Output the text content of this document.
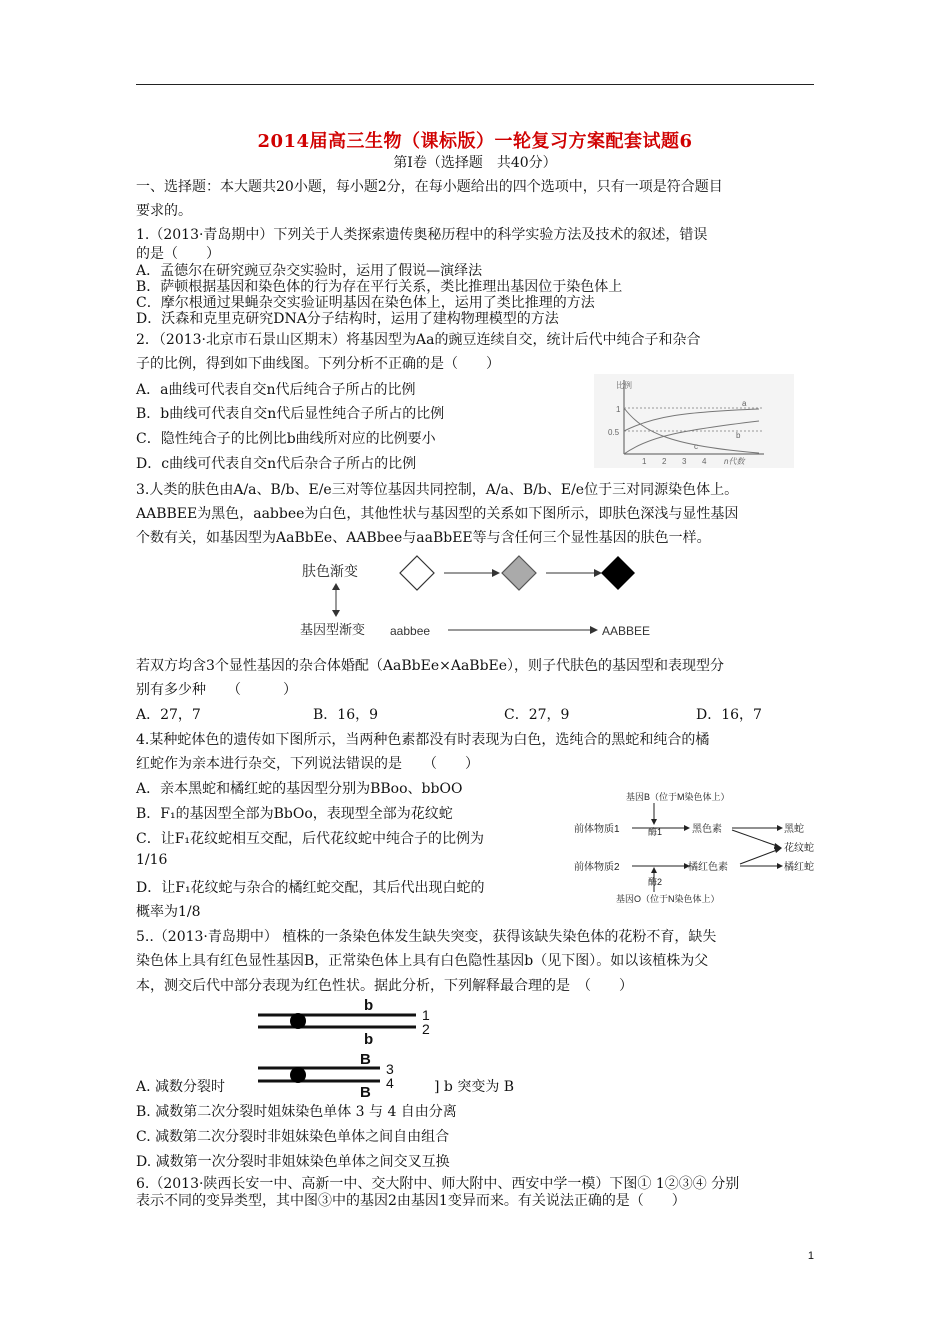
2014届高三生物（课标版）一轮复习方案配套试题6
第Ⅰ卷（选择题　共40分）
一、选择题：本大题共20小题，每小题2分，在每小题给出的四个选项中，只有一项是符合题目
要求的。
1.（2013·青岛期中）下列关于人类探索遗传奥秘历程中的科学实验方法及技术的叙述，错误
的是（　　）
A．孟德尔在研究豌豆杂交实验时，运用了假说—演绎法
B．萨顿根据基因和染色体的行为存在平行关系，类比推理出基因位于染色体上
C．摩尔根通过果蝇杂交实验证明基因在染色体上，运用了类比推理的方法
D．沃森和克里克研究DNA分子结构时，运用了建构物理模型的方法
2．（2013·北京市石景山区期末）将基因型为Aa的豌豆连续自交，统计后代中纯合子和杂合
子的比例，得到如下曲线图。下列分析不正确的是（　　）
A．a曲线可代表自交n代后纯合子所占的比例
B．b曲线可代表自交n代后显性纯合子所占的比例
C．隐性纯合子的比例比b曲线所对应的比例要小
D．c曲线可代表自交n代后杂合子所占的比例
比例
1
0.5
a
b
c
1 2 3 4 n代数
3.人类的肤色由A/a、B/b、E/e三对等位基因共同控制，A/a、B/b、E/e位于三对同源染色体上。
AABBEE为黑色，aabbee为白色，其他性状与基因型的关系如下图所示，即肤色深浅与显性基因
个数有关，如基因型为AaBbEe、AABbee与aaBbEE等与含任何三个显性基因的肤色一样。
肤色渐变
基因型渐变 aabbee	AABBEE
若双方均含3个显性基因的杂合体婚配（AaBbEe×AaBbEe），则子代肤色的基因型和表现型分
别有多少种　　（　　　）
A．27，7	B．16，9	C．27，9	D．16，7
4.某种蛇体色的遗传如下图所示，当两种色素都没有时表现为白色，选纯合的黑蛇和纯合的橘
红蛇作为亲本进行杂交，下列说法错误的是　　（　　）
A．亲本黑蛇和橘红蛇的基因型分别为BBoo、bbOO
B．F₁的基因型全部为BbOo，表现型全部为花纹蛇
C．让F₁花纹蛇相互交配，后代花纹蛇中纯合子的比例为
1/16
D．让F₁花纹蛇与杂合的橘红蛇交配，其后代出现白蛇的
概率为1/8
基因B（位于M染色体上）
酶1
前体物质1	黑色素
前体物质2	橘红色素
酶2
基因O（位于N染色体上）
黑蛇
花纹蛇
橘红蛇
5..（2013·青岛期中） 植株的一条染色体发生缺失突变，获得该缺失染色体的花粉不育，缺失
染色体上具有红色显性基因B，正常染色体上具有白色隐性基因b（见下图）。如以该植株为父
本，测交后代中部分表现为红色性状。据此分析，下列解释最合理的是　（　　）
b
1
2
b
B
3
4
B
A. 减数分裂时	] b 突变为 B
B. 减数第二次分裂时姐妹染色单体 3 与 4 自由分离
C. 减数第二次分裂时非姐妹染色单体之间自由组合
D. 减数第一次分裂时非姐妹染色单体之间交叉互换
6.（2013·陕西长安一中、高新一中、交大附中、师大附中、西安中学一模）下图① 1②③④ 分别
表示不同的变异类型，其中图③中的基因2由基因1变异而来。有关说法正确的是（　　）
1
